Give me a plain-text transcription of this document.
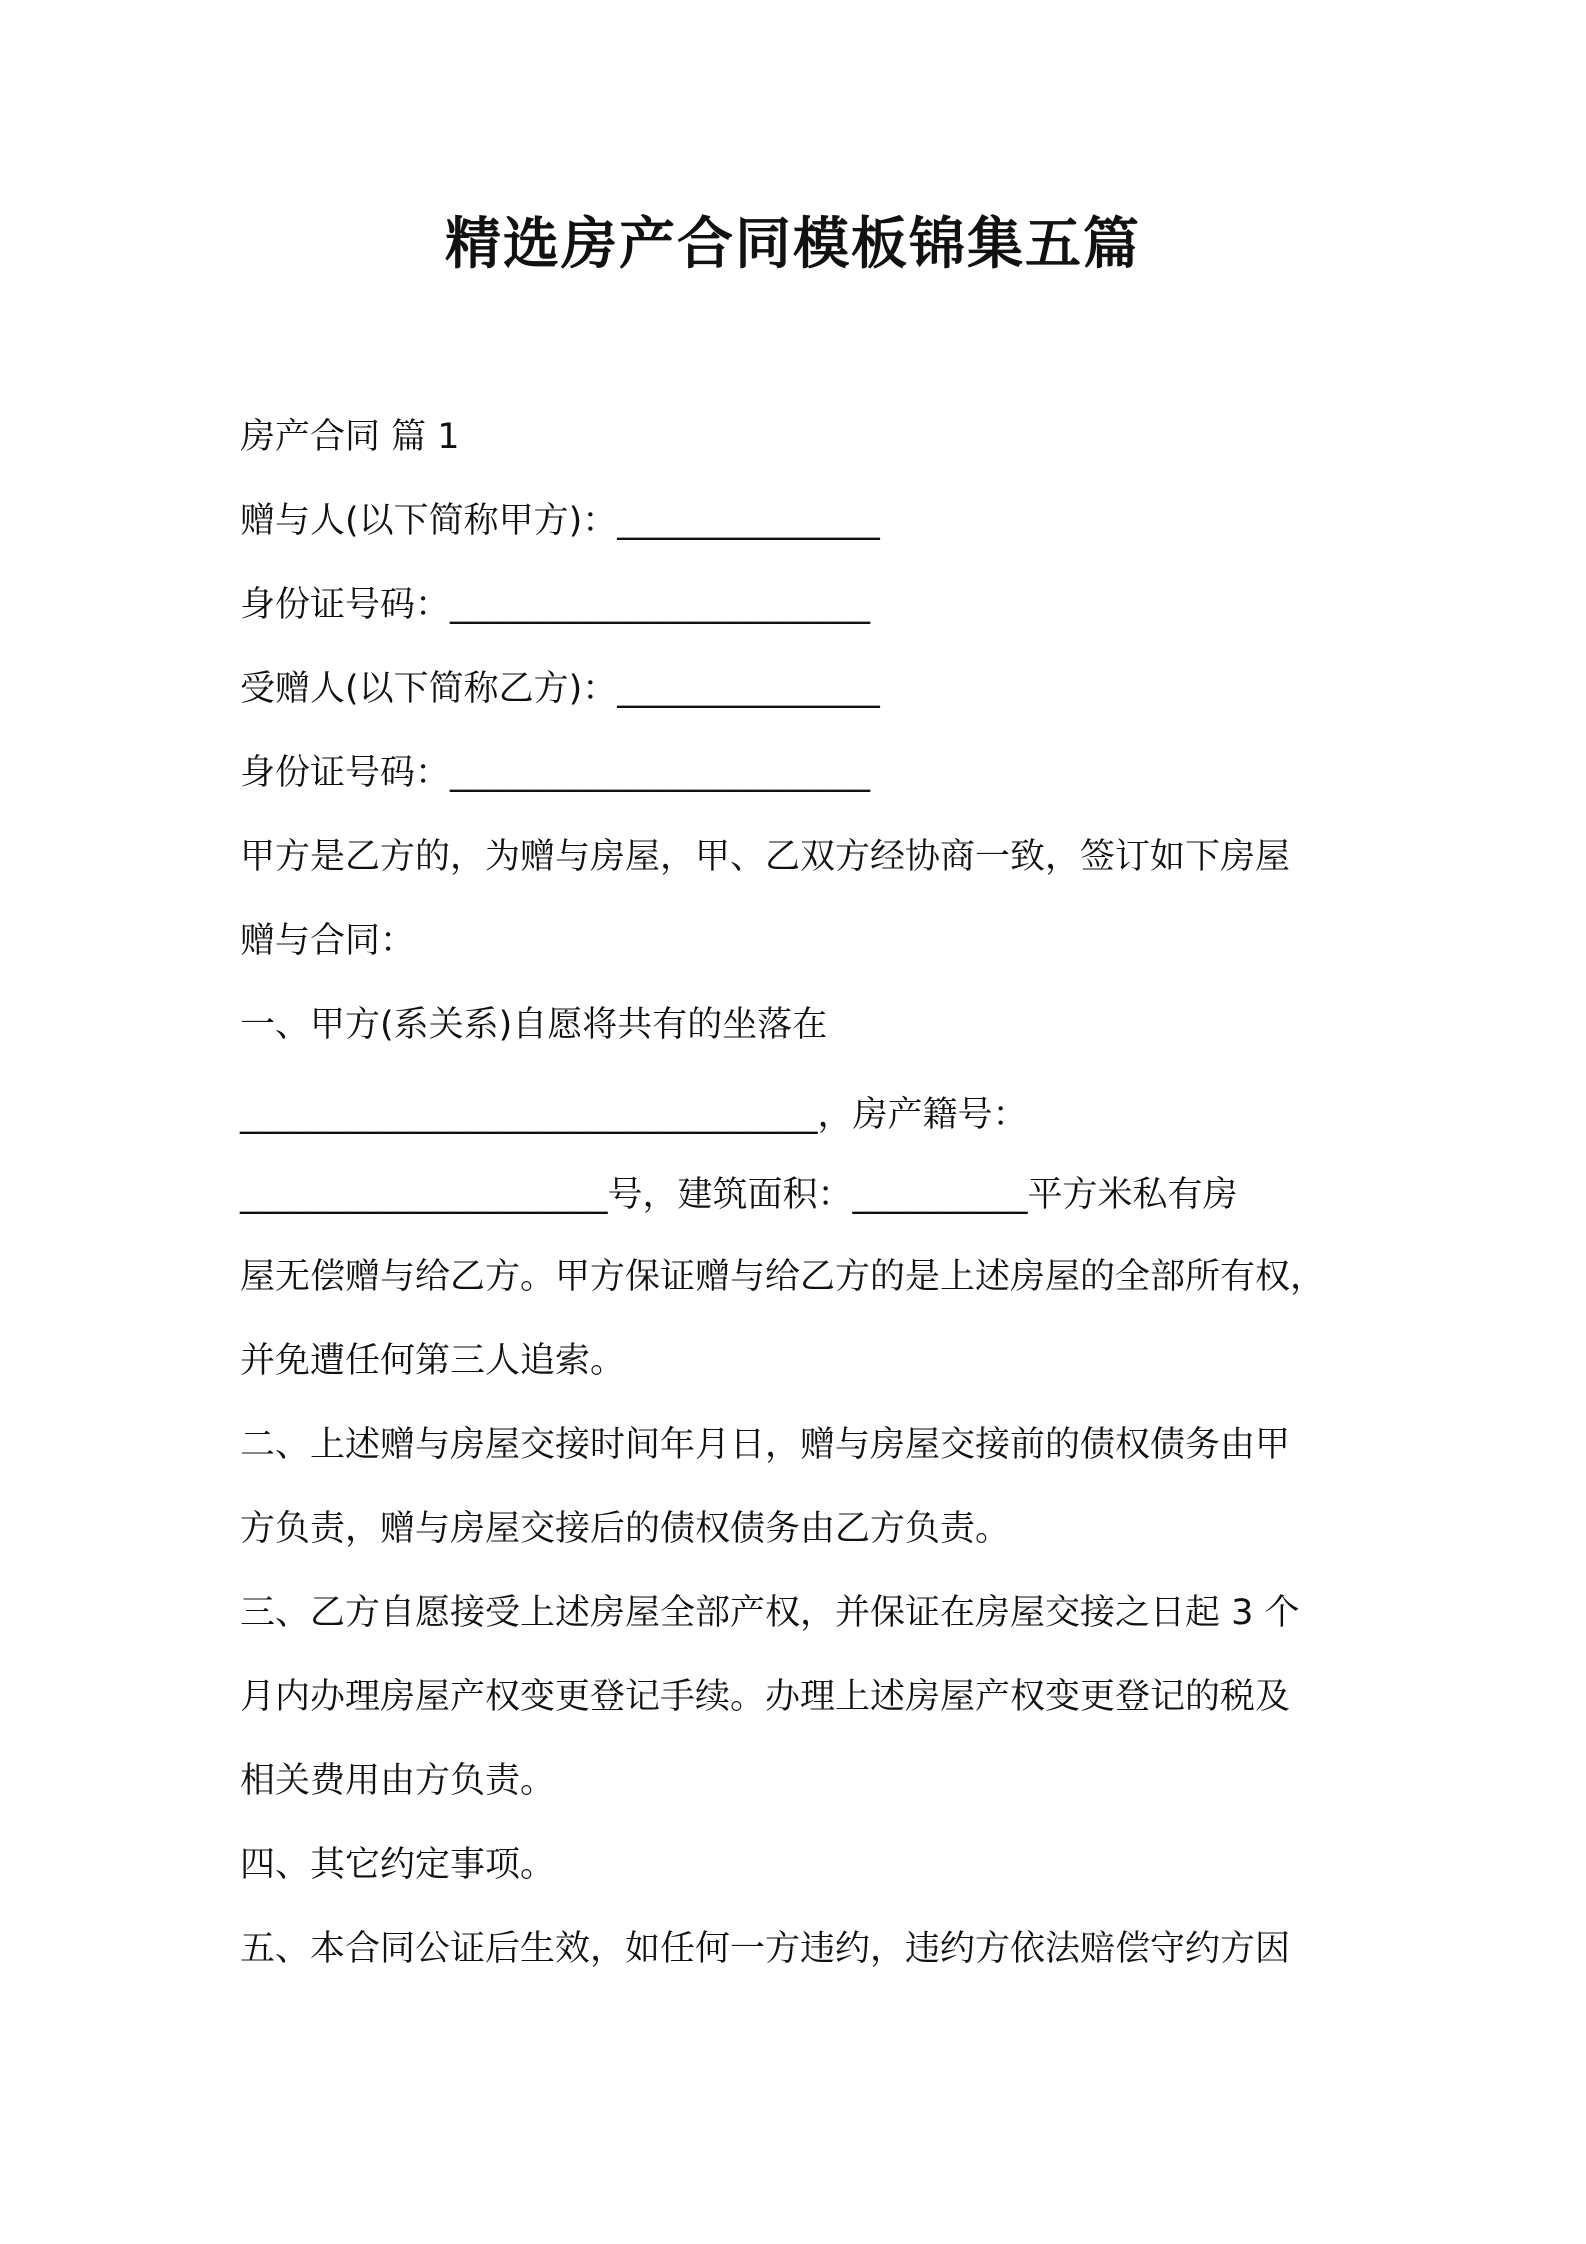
精选房产合同模板锦集五篇

房产合同 篇 1

赠与人(以下简称甲方)：_______________

身份证号码：________________________

受赠人(以下简称乙方)：_______________

身份证号码：________________________

甲方是乙方的，为赠与房屋，甲、乙双方经协商一致，签订如下房屋

赠与合同：

一、甲方(系关系)自愿将共有的坐落在

_________________________________，房产籍号：

_____________________号，建筑面积：__________平方米私有房

屋无偿赠与给乙方。甲方保证赠与给乙方的是上述房屋的全部所有权，

并免遭任何第三人追索。

二、上述赠与房屋交接时间年月日，赠与房屋交接前的债权债务由甲

方负责，赠与房屋交接后的债权债务由乙方负责。

三、乙方自愿接受上述房屋全部产权，并保证在房屋交接之日起 3 个

月内办理房屋产权变更登记手续。办理上述房屋产权变更登记的税及

相关费用由方负责。

四、其它约定事项。

五、本合同公证后生效，如任何一方违约，违约方依法赔偿守约方因
